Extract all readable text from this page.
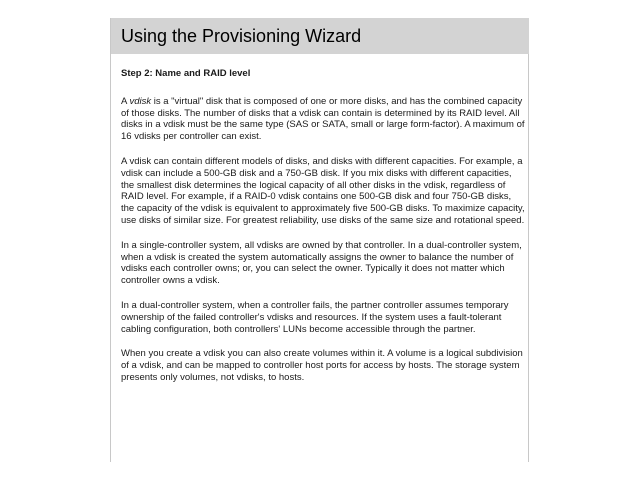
Using the Provisioning Wizard

Step 2: Name and RAID level

A vdisk is a "virtual" disk that is composed of one or more disks, and has the combined capacity of those disks. The number of disks that a vdisk can contain is determined by its RAID level. All disks in a vdisk must be the same type (SAS or SATA, small or large form-factor). A maximum of 16 vdisks per controller can exist.

A vdisk can contain different models of disks, and disks with different capacities. For example, a vdisk can include a 500-GB disk and a 750-GB disk. If you mix disks with different capacities, the smallest disk determines the logical capacity of all other disks in the vdisk, regardless of RAID level. For example, if a RAID-0 vdisk contains one 500-GB disk and four 750-GB disks, the capacity of the vdisk is equivalent to approximately five 500-GB disks. To maximize capacity, use disks of similar size. For greatest reliability, use disks of the same size and rotational speed.

In a single-controller system, all vdisks are owned by that controller. In a dual-controller system, when a vdisk is created the system automatically assigns the owner to balance the number of vdisks each controller owns; or, you can select the owner. Typically it does not matter which controller owns a vdisk.

In a dual-controller system, when a controller fails, the partner controller assumes temporary ownership of the failed controller's vdisks and resources. If the system uses a fault-tolerant cabling configuration, both controllers' LUNs become accessible through the partner.

When you create a vdisk you can also create volumes within it. A volume is a logical subdivision of a vdisk, and can be mapped to controller host ports for access by hosts. The storage system presents only volumes, not vdisks, to hosts.
